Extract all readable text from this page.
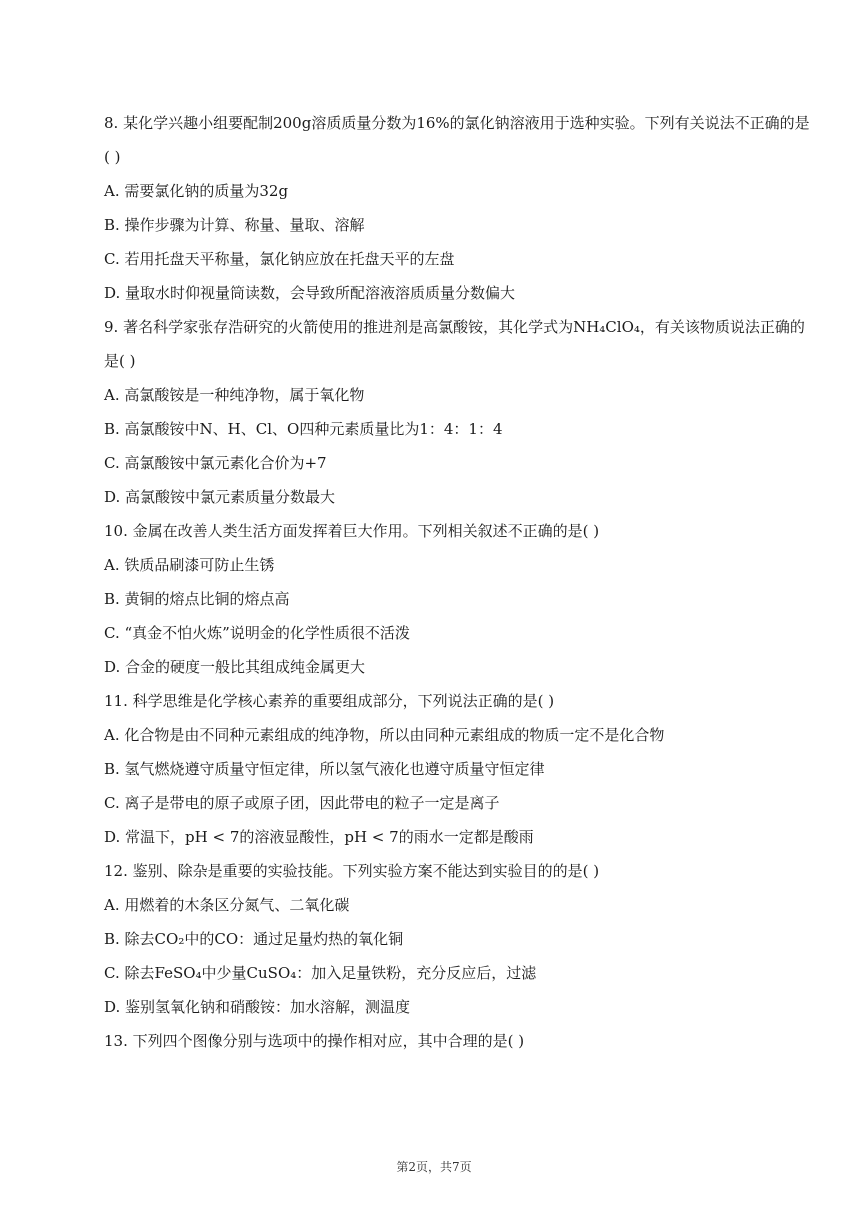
8. 某化学兴趣小组要配制200g溶质质量分数为16%的氯化钠溶液用于选种实验。下列有关说法不正确的是
( )
A. 需要氯化钠的质量为32g
B. 操作步骤为计算、称量、量取、溶解
C. 若用托盘天平称量，氯化钠应放在托盘天平的左盘
D. 量取水时仰视量筒读数，会导致所配溶液溶质质量分数偏大
9. 著名科学家张存浩研究的火箭使用的推进剂是高氯酸铵，其化学式为NH₄ClO₄，有关该物质说法正确的
是( )
A. 高氯酸铵是一种纯净物，属于氧化物
B. 高氯酸铵中N、H、Cl、O四种元素质量比为1：4：1：4
C. 高氯酸铵中氯元素化合价为+7
D. 高氯酸铵中氯元素质量分数最大
10. 金属在改善人类生活方面发挥着巨大作用。下列相关叙述不正确的是( )
A. 铁质品刷漆可防止生锈
B. 黄铜的熔点比铜的熔点高
C. “真金不怕火炼”说明金的化学性质很不活泼
D. 合金的硬度一般比其组成纯金属更大
11. 科学思维是化学核心素养的重要组成部分，下列说法正确的是( )
A. 化合物是由不同种元素组成的纯净物，所以由同种元素组成的物质一定不是化合物
B. 氢气燃烧遵守质量守恒定律，所以氢气液化也遵守质量守恒定律
C. 离子是带电的原子或原子团，因此带电的粒子一定是离子
D. 常温下，pH < 7的溶液显酸性，pH < 7的雨水一定都是酸雨
12. 鉴别、除杂是重要的实验技能。下列实验方案不能达到实验目的的是( )
A. 用燃着的木条区分氮气、二氧化碳
B. 除去CO₂中的CO：通过足量灼热的氧化铜
C. 除去FeSO₄中少量CuSO₄：加入足量铁粉，充分反应后，过滤
D. 鉴别氢氧化钠和硝酸铵：加水溶解，测温度
13. 下列四个图像分别与选项中的操作相对应，其中合理的是( )
第2页，共7页
